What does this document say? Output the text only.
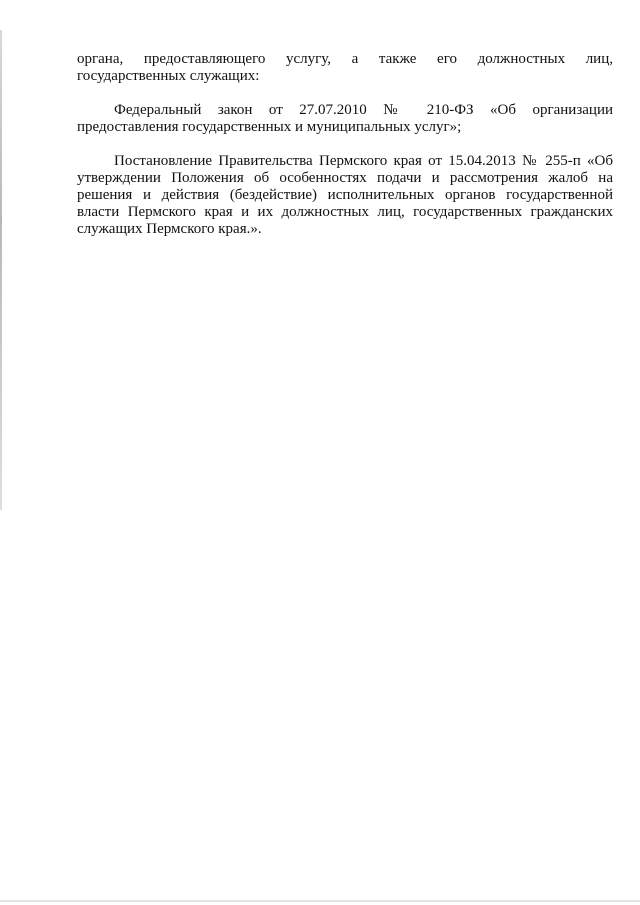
органа, предоставляющего услугу, а также его должностных лиц,
государственных служащих:

Федеральный закон от 27.07.2010 № 210-ФЗ «Об организации
предоставления государственных и муниципальных услуг»;

Постановление Правительства Пермского края от 15.04.2013 № 255-п «Об
утверждении Положения об особенностях подачи и рассмотрения жалоб на
решения и действия (бездействие) исполнительных органов государственной
власти Пермского края и их должностных лиц, государственных гражданских
служащих Пермского края.».
